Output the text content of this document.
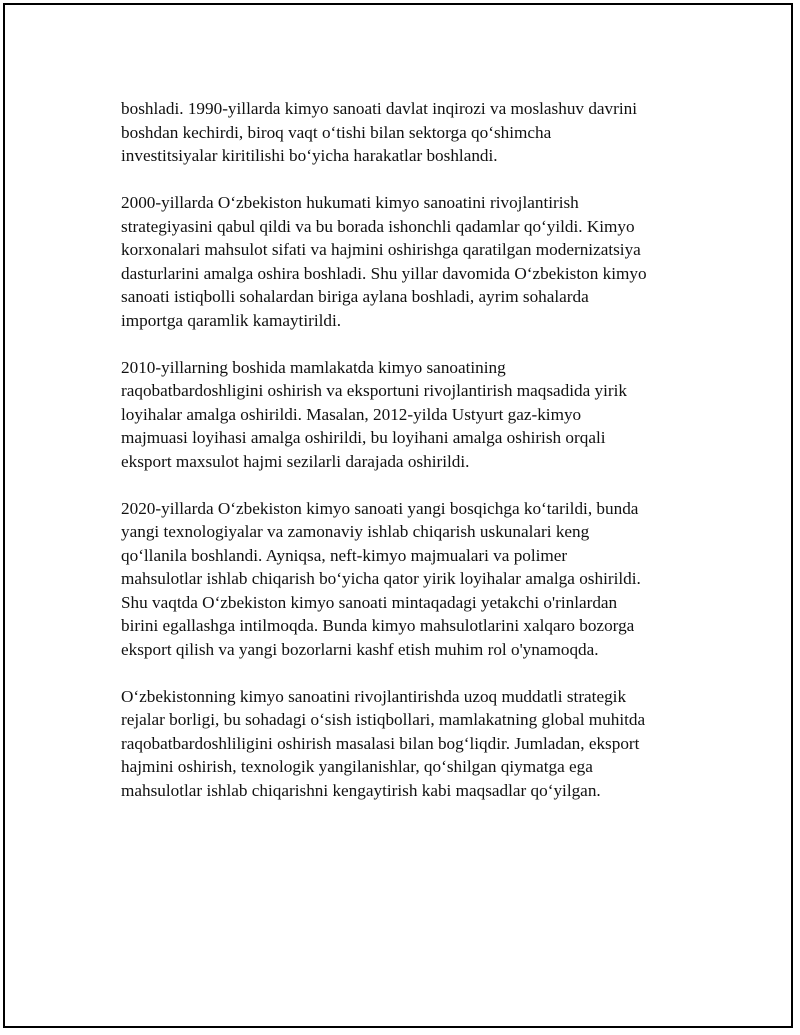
boshladi. 1990-yillarda kimyo sanoati davlat inqirozi va moslashuv davrini
boshdan kechirdi, biroq vaqt o‘tishi bilan sektorga qo‘shimcha
investitsiyalar kiritilishi bo‘yicha harakatlar boshlandi.

2000-yillarda O‘zbekiston hukumati kimyo sanoatini rivojlantirish
strategiyasini qabul qildi va bu borada ishonchli qadamlar qo‘yildi. Kimyo
korxonalari mahsulot sifati va hajmini oshirishga qaratilgan modernizatsiya
dasturlarini amalga oshira boshladi. Shu yillar davomida O‘zbekiston kimyo
sanoati istiqbolli sohalardan biriga aylana boshladi, ayrim sohalarda
importga qaramlik kamaytirildi.

2010-yillarning boshida mamlakatda kimyo sanoatining
raqobatbardoshligini oshirish va eksportuni rivojlantirish maqsadida yirik
loyihalar amalga oshirildi. Masalan, 2012-yilda Ustyurt gaz-kimyo
majmuasi loyihasi amalga oshirildi, bu loyihani amalga oshirish orqali
eksport maxsulot hajmi sezilarli darajada oshirildi.

2020-yillarda O‘zbekiston kimyo sanoati yangi bosqichga ko‘tarildi, bunda
yangi texnologiyalar va zamonaviy ishlab chiqarish uskunalari keng
qo‘llanila boshlandi. Ayniqsa, neft-kimyo majmualari va polimer
mahsulotlar ishlab chiqarish bo‘yicha qator yirik loyihalar amalga oshirildi.
Shu vaqtda O‘zbekiston kimyo sanoati mintaqadagi yetakchi o'rinlardan
birini egallashga intilmoqda. Bunda kimyo mahsulotlarini xalqaro bozorga
eksport qilish va yangi bozorlarni kashf etish muhim rol o'ynamoqda.

O‘zbekistonning kimyo sanoatini rivojlantirishda uzoq muddatli strategik
rejalar borligi, bu sohadagi o‘sish istiqbollari, mamlakatning global muhitda
raqobatbardoshliligini oshirish masalasi bilan bog‘liqdir. Jumladan, eksport
hajmini oshirish, texnologik yangilanishlar, qo‘shilgan qiymatga ega
mahsulotlar ishlab chiqarishni kengaytirish kabi maqsadlar qo‘yilgan.
